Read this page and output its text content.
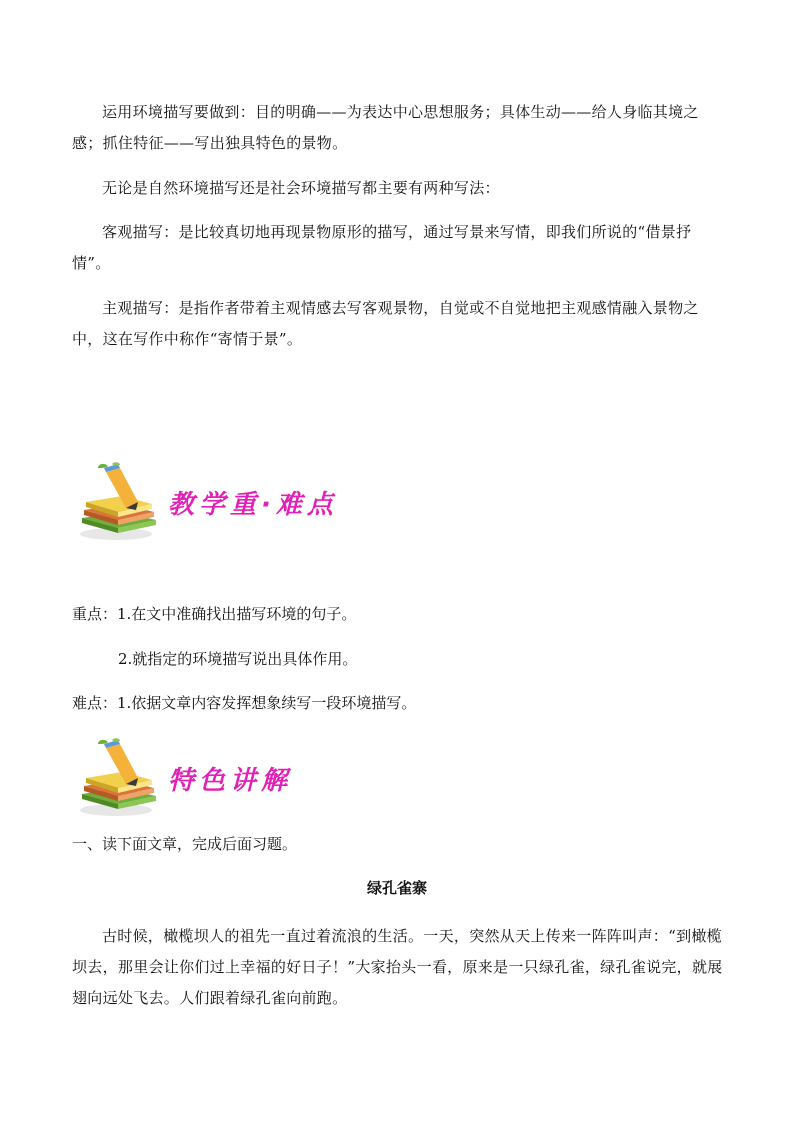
运用环境描写要做到：目的明确——为表达中心思想服务；具体生动——给人身临其境之感；抓住特征——写出独具特色的景物。

无论是自然环境描写还是社会环境描写都主要有两种写法：

客观描写：是比较真切地再现景物原形的描写，通过写景来写情，即我们所说的“借景抒情”。

主观描写：是指作者带着主观情感去写客观景物，自觉或不自觉地把主观感情融入景物之中，这在写作中称作“寄情于景”。

教学重·难点
重点：1.在文中准确找出描写环境的句子。
2.就指定的环境描写说出具体作用。
难点：1.依据文章内容发挥想象续写一段环境描写。
特色讲解
一、读下面文章，完成后面习题。
绿孔雀寨

古时候，橄榄坝人的祖先一直过着流浪的生活。一天，突然从天上传来一阵阵叫声：“到橄榄坝去，那里会让你们过上幸福的好日子！”大家抬头一看，原来是一只绿孔雀，绿孔雀说完，就展翅向远处飞去。人们跟着绿孔雀向前跑。
